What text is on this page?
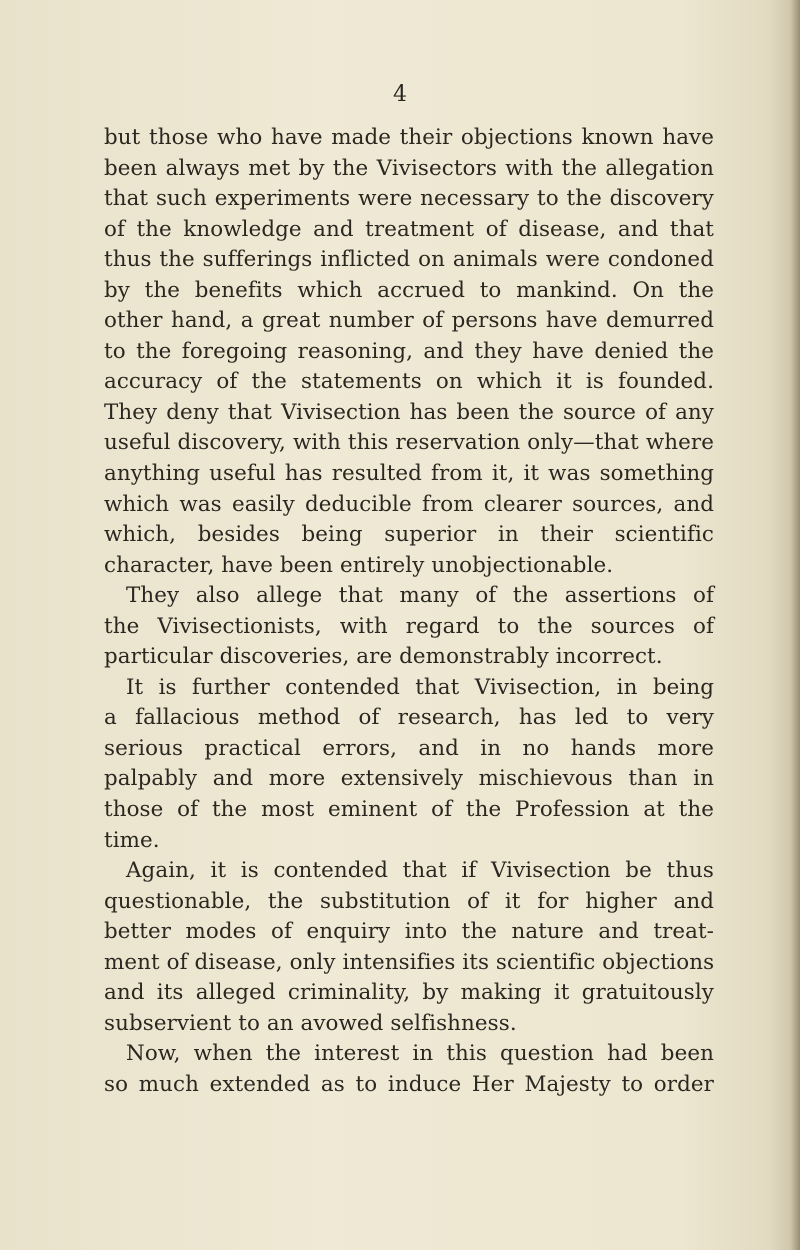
4

but those who have made their objections known have
been always met by the Vivisectors with the allegation
that such experiments were necessary to the discovery
of the knowledge and treatment of disease, and that
thus the sufferings inflicted on animals were condoned
by the benefits which accrued to mankind. On the
other hand, a great number of persons have demurred
to the foregoing reasoning, and they have denied the
accuracy of the statements on which it is founded.
They deny that Vivisection has been the source of any
useful discovery, with this reservation only—that where
anything useful has resulted from it, it was something
which was easily deducible from clearer sources, and
which, besides being superior in their scientific
character, have been entirely unobjectionable.
They also allege that many of the assertions of
the Vivisectionists, with regard to the sources of
particular discoveries, are demonstrably incorrect.
It is further contended that Vivisection, in being
a fallacious method of research, has led to very
serious practical errors, and in no hands more
palpably and more extensively mischievous than in
those of the most eminent of the Profession at the
time.
Again, it is contended that if Vivisection be thus
questionable, the substitution of it for higher and
better modes of enquiry into the nature and treat-
ment of disease, only intensifies its scientific objections
and its alleged criminality, by making it gratuitously
subservient to an avowed selfishness.
Now, when the interest in this question had been
so much extended as to induce Her Majesty to order
